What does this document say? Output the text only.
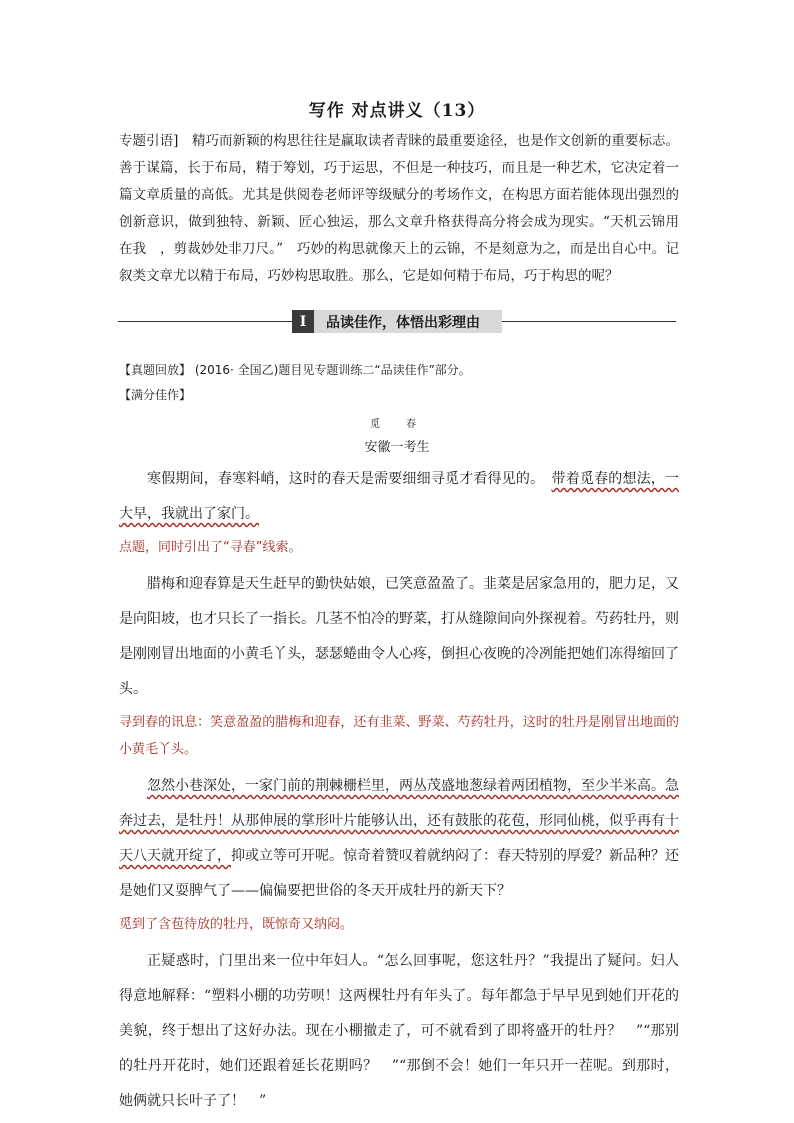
写作 对点讲义（13）
专题引语]　精巧而新颖的构思往往是赢取读者青睐的最重要途径，也是作文创新的重要标志。善于谋篇，长于布局，精于筹划，巧于运思，不但是一种技巧，而且是一种艺术，它决定着一篇文章质量的高低。尤其是供阅卷老师评等级赋分的考场作文，在构思方面若能体现出强烈的创新意识，做到独特、新颖、匠心独运，那么文章升格获得高分将会成为现实。“天机云锦用在我　，剪裁妙处非刀尺。”　巧妙的构思就像天上的云锦，不是刻意为之，而是出自心中。记叙类文章尤以精于布局，巧妙构思取胜。那么，它是如何精于布局，巧于构思的呢？
I	品读佳作，体悟出彩理由
【真题回放】 (2016· 全国乙)题目见专题训练二“品读佳作”部分。
【满分佳作】
觅　春
安徽一考生

寒假期间，春寒料峭，这时的春天是需要细细寻觅才看得见的。　 带着觅春的想法，一大早，我就出了家门。

点题，同时引出了“寻春”线索。

腊梅和迎春算是天生赶早的勤快姑娘，已笑意盈盈了。韭菜是居家急用的，肥力足，又是向阳坡，也才只长了一指长。几茎不怕冷的野菜，打从缝隙间向外探视着。芍药牡丹，则是刚刚冒出地面的小黄毛丫头，瑟瑟蜷曲令人心疼，倒担心夜晚的冷冽能把她们冻得缩回了头。

寻到春的讯息：笑意盈盈的腊梅和迎春，还有韭菜、野菜、芍药牡丹，这时的牡丹是刚冒出地面的小黄毛丫头。

忽然小巷深处，一家门前的荆棘栅栏里，两丛茂盛地葱绿着两团植物，至少半米高。急奔过去，是牡丹！从那伸展的掌形叶片能够认出，还有鼓胀的花苞，形同仙桃，似乎再有十天八天就开绽了，抑或立等可开呢。惊奇着赞叹着就纳闷了：春天特别的厚爱？新品种？还是她们又耍脾气了——偏偏要把世俗的冬天开成牡丹的新天下？

觅到了含苞待放的牡丹，既惊奇又纳闷。

正疑惑时，门里出来一位中年妇人。“怎么回事呢，您这牡丹？”我提出了疑问。妇人得意地解释：“塑料小棚的功劳呗！这两棵牡丹有年头了。每年都急于早早见到她们开花的美貌，终于想出了这好办法。现在小棚撤走了，可不就看到了即将盛开的牡丹？　”“那别的牡丹开花时，她们还跟着延长花期吗？　”“那倒不会！她们一年只开一茬呢。到那时，她俩就只长叶子了！　”
